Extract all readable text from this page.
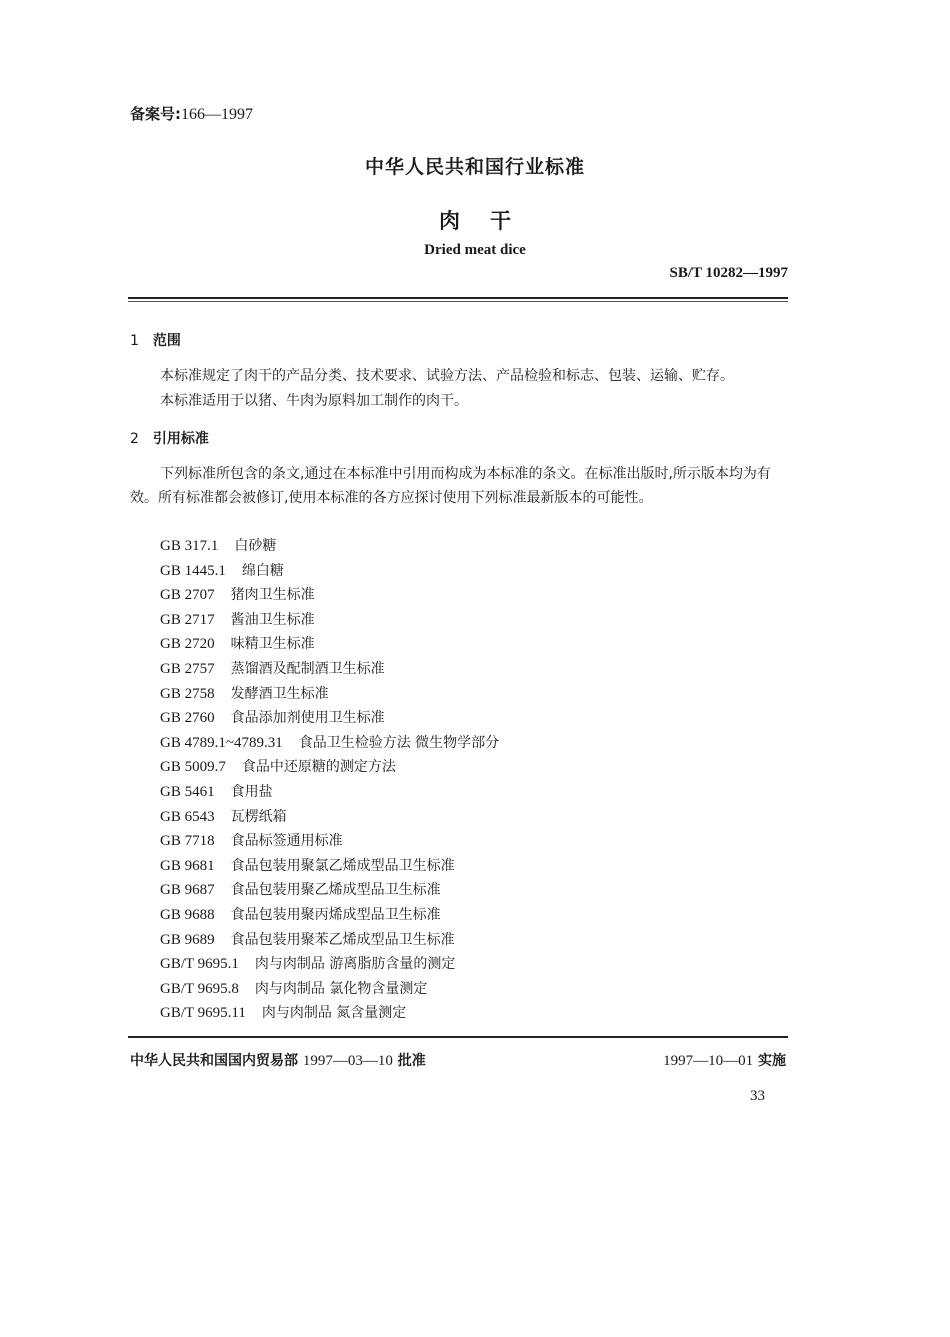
备案号:166—1997
中华人民共和国行业标准
肉干
Dried meat dice
SB/T 10282—1997
1 范围
本标准规定了肉干的产品分类、技术要求、试验方法、产品检验和标志、包装、运输、贮存。
本标准适用于以猪、牛肉为原料加工制作的肉干。
2 引用标准
下列标准所包含的条文,通过在本标准中引用而构成为本标准的条文。在标准出版时,所示版本均为有效。所有标准都会被修订,使用本标准的各方应探讨使用下列标准最新版本的可能性。
GB 317.1 白砂糖
GB 1445.1 绵白糖
GB 2707 猪肉卫生标准
GB 2717 酱油卫生标准
GB 2720 味精卫生标准
GB 2757 蒸馏酒及配制酒卫生标准
GB 2758 发酵酒卫生标准
GB 2760 食品添加剂使用卫生标准
GB 4789.1~4789.31 食品卫生检验方法 微生物学部分
GB 5009.7 食品中还原糖的测定方法
GB 5461 食用盐
GB 6543 瓦楞纸箱
GB 7718 食品标签通用标准
GB 9681 食品包装用聚氯乙烯成型品卫生标准
GB 9687 食品包装用聚乙烯成型品卫生标准
GB 9688 食品包装用聚丙烯成型品卫生标准
GB 9689 食品包装用聚苯乙烯成型品卫生标准
GB/T 9695.1 肉与肉制品 游离脂肪含量的测定
GB/T 9695.8 肉与肉制品 氯化物含量测定
GB/T 9695.11 肉与肉制品 氮含量测定
中华人民共和国国内贸易部 1997—03—10 批准	1997—10—01 实施
33
